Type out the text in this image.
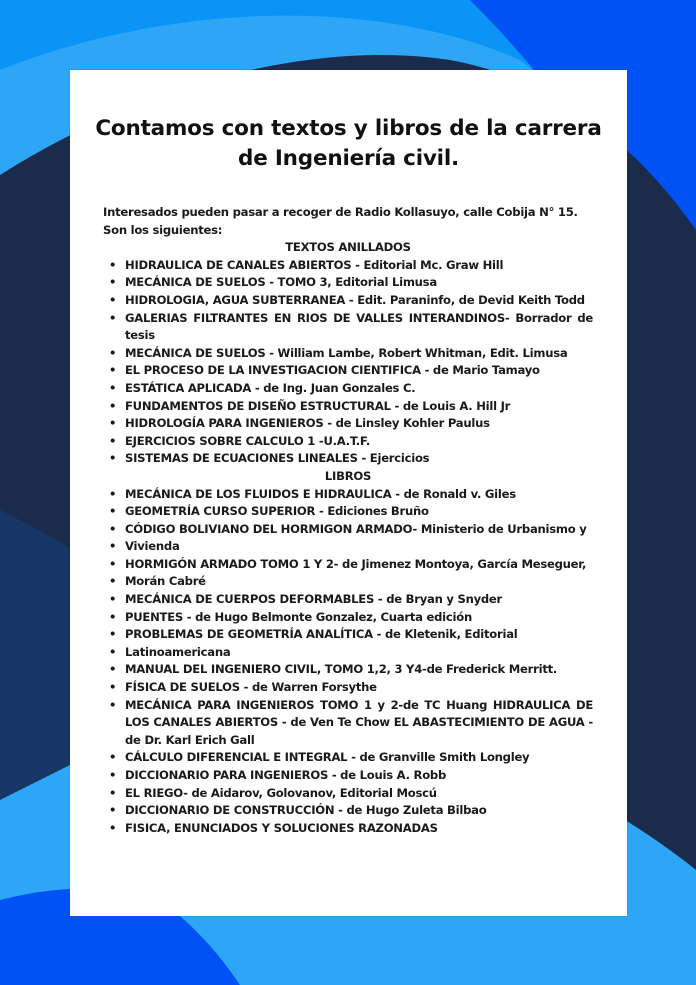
Contamos con textos y libros de la carrera de Ingeniería civil.
Interesados pueden pasar a recoger de Radio Kollasuyo, calle Cobija N° 15.
Son los siguientes:
TEXTOS ANILLADOS
• HIDRAULICA DE CANALES ABIERTOS - Editorial Mc. Graw Hill
• MECÁNICA DE SUELOS - TOMO 3, Editorial Limusa
• HIDROLOGIA, AGUA SUBTERRANEA - Edit. Paraninfo, de Devid Keith Todd
• GALERIAS FILTRANTES EN RIOS DE VALLES INTERANDINOS- Borrador de tesis
• MECÁNICA DE SUELOS - William Lambe, Robert Whitman, Edit. Limusa
• EL PROCESO DE LA INVESTIGACION CIENTIFICA - de Mario Tamayo
• ESTÁTICA APLICADA - de Ing. Juan Gonzales C.
• FUNDAMENTOS DE DISEÑO ESTRUCTURAL - de Louis A. Hill Jr
• HIDROLOGÍA PARA INGENIEROS - de Linsley Kohler Paulus
• EJERCICIOS SOBRE CALCULO 1 -U.A.T.F.
• SISTEMAS DE ECUACIONES LINEALES - Ejercicios
LIBROS
• MECÁNICA DE LOS FLUIDOS E HIDRAULICA - de Ronald v. Giles
• GEOMETRÍA CURSO SUPERIOR - Ediciones Bruño
• CÓDIGO BOLIVIANO DEL HORMIGON ARMADO- Ministerio de Urbanismo y
• Vivienda
• HORMIGÓN ARMADO TOMO 1 Y 2- de Jimenez Montoya, García Meseguer,
• Morán Cabré
• MECÁNICA DE CUERPOS DEFORMABLES - de Bryan y Snyder
• PUENTES - de Hugo Belmonte Gonzalez, Cuarta edición
• PROBLEMAS DE GEOMETRÍA ANALÍTICA - de Kletenik, Editorial
• Latinoamericana
• MANUAL DEL INGENIERO CIVIL, TOMO 1,2, 3 Y4-de Frederick Merritt.
• FÍSICA DE SUELOS - de Warren Forsythe
• MECÁNICA PARA INGENIEROS TOMO 1 y 2-de TC Huang HIDRAULICA DE LOS CANALES ABIERTOS - de Ven Te Chow EL ABASTECIMIENTO DE AGUA - de Dr. Karl Erich Gall
• CÁLCULO DIFERENCIAL E INTEGRAL - de Granville Smith Longley
• DICCIONARIO PARA INGENIEROS - de Louis A. Robb
• EL RIEGO- de Aidarov, Golovanov, Editorial Moscú
• DICCIONARIO DE CONSTRUCCIÓN - de Hugo Zuleta Bilbao
• FISICA, ENUNCIADOS Y SOLUCIONES RAZONADAS
